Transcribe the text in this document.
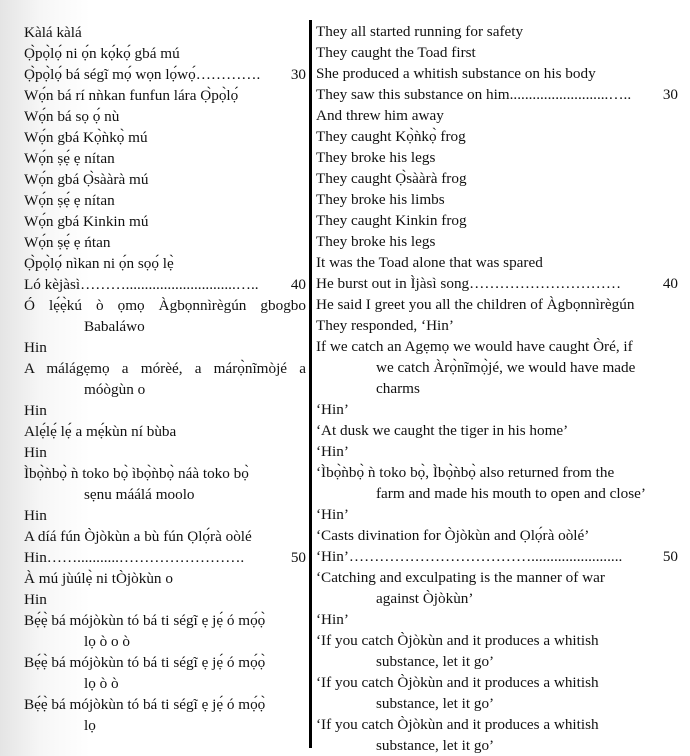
Kàlá kàlá
Ọ̀pọ̀lọ́ ni ọ́n kọ́kọ́ gbá mú
Ọ̀pọ̀lọ́ bá ségĩ mọ́ wọn lọ́wọ́ ………….	30
Wọ́n bá rí nǹkan funfun lára Ọ̀pọ̀lọ́
Wọ́n bá sọ ọ́ nù
Wọ́n gbá Kọ̀ǹkọ̀ mú
Wọ́n ṣẹ́ ẹ nítan
Wọ́n gbá Ọ̀sààrà mú
Wọ́n ṣẹ́ ẹ nítan
Wọ́n gbá Kinkin mú
Wọ́n ṣẹ́ ẹ ńtan
Ọ̀pọ̀lọ́ nìkan ni ọ́n sọọ́ lẹ̀
Ló kèjàsì ……….............................…..	40
Ó lẹ́ẹ̀kú ò ọmọ Àgbọnnìrègún gbogbo
Babaláwo
Hin
A málágẹmọ a mórèé, a márọ̀nĩmòjé a
móògùn o
Hin
Alẹ́lẹ́ lẹ́ a mẹ́kùn ní bùba
Hin
Ìbọ̀ǹbọ̀ ǹ toko bọ̀ ìbọ̀ǹbọ̀ náà toko bọ̀
sẹnu máálá moolo
Hin
A díá fún Òjòkùn a bù fún Ọlọ́rà oòlé
Hin ……...........…………………….	50
À mú jùúlẹ̀ ni tÒjòkùn o
Hin
Bẹ́ẹ̀ bá mójòkùn tó bá ti ségĩ ẹ jẹ́ ó mọ́ọ̀
lọ ò o ò
Bẹ́ẹ̀ bá mójòkùn tó bá ti ségĩ ẹ jẹ́ ó mọ́ọ̀
lọ ò ò
Bẹ́ẹ̀ bá mójòkùn tó bá ti ségĩ ẹ jẹ́ ó mọ́ọ̀
lọ
They all started running for safety
They caught the Toad first
She produced a whitish substance on his body
They saw this substance on him ..........................…..	30
And threw him away
They caught Kọ̀ǹkọ̀ frog
They broke his legs
They caught Ọ̀sààrà frog
They broke his limbs
They caught Kinkin frog
They broke his legs
It was the Toad alone that was spared
He burst out in Ìjàsì song …………………………	40
He said I greet you all the children of Àgbọnnìrègún
They responded, ‘Hin’
If we catch an Agẹmọ we would have caught Òré, if
we catch Àrọ̀nĩmọ̀jé, we would have made
charms
‘Hin’
‘At dusk we caught the tiger in his home’
‘Hin’
‘Ìbọ̀ǹbọ̀ ǹ toko bọ̀, Ìbọ̀ǹbọ̀ also returned from the
farm and made his mouth to open and close’
‘Hin’
‘Casts divination for Òjòkùn and Ọlọ́rà oòlé’
‘Hin’ ………………………………........................	50
‘Catching and exculpating is the manner of war
against Òjòkùn’
‘Hin’
‘If you catch Òjòkùn and it produces a whitish
substance, let it go’
‘If you catch Òjòkùn and it produces a whitish
substance, let it go’
‘If you catch Òjòkùn and it produces a whitish
substance, let it go’
